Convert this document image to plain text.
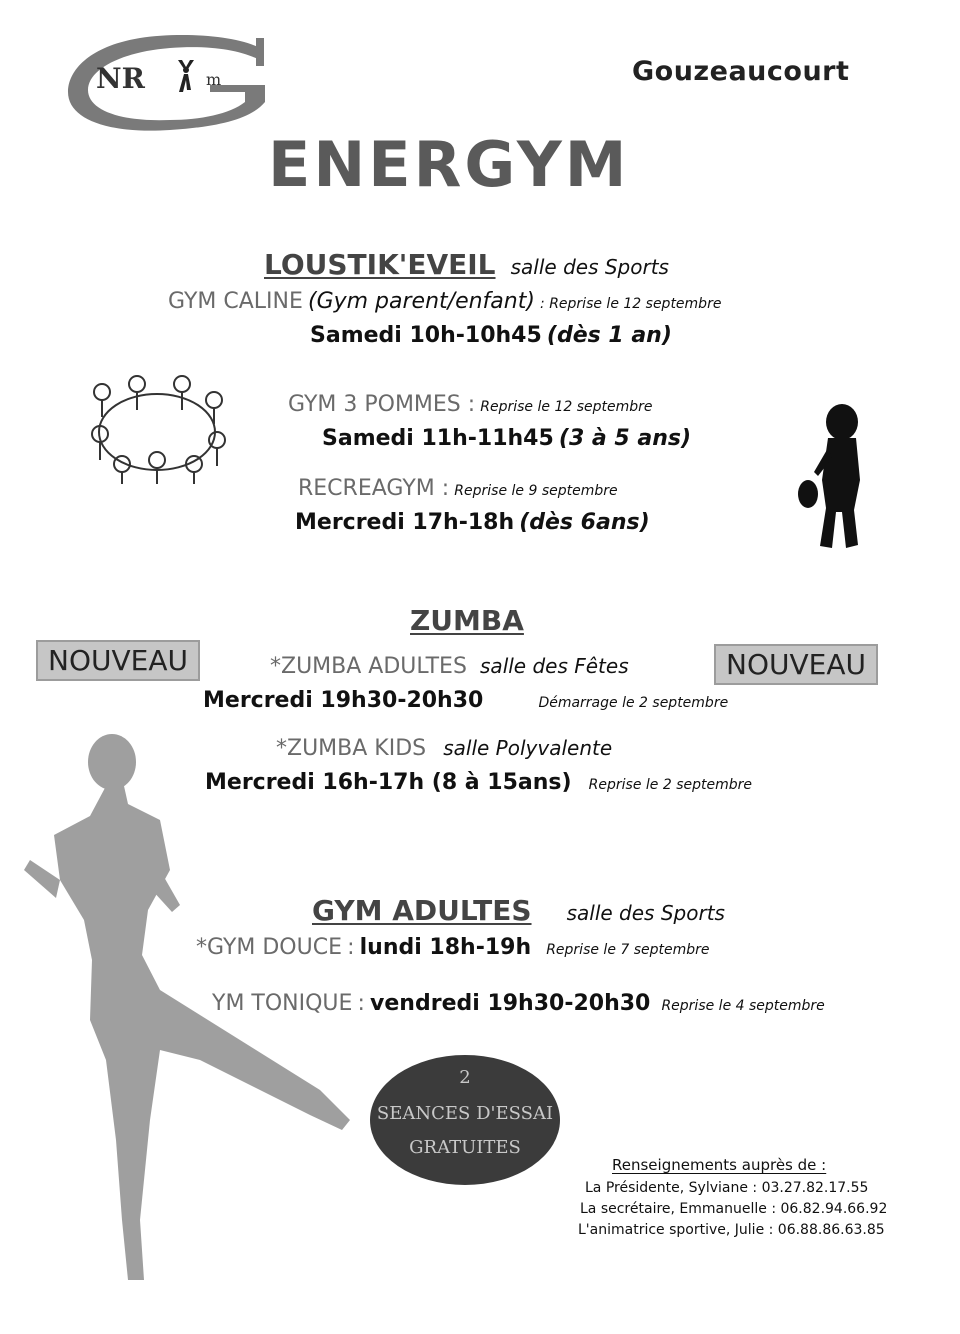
NR	m	Gouzeaucourt
ENERGYM
LOUSTIK'EVEIL salle des Sports
GYM CALINE (Gym parent/enfant) : Reprise le 12 septembre
Samedi 10h-10h45 (dès 1 an)
GYM 3 POMMES : Reprise le 12 septembre
Samedi 11h-11h45 (3 à 5 ans)
RECREAGYM : Reprise le 9 septembre
Mercredi 17h-18h (dès 6ans)
ZUMBA
NOUVEAU	NOUVEAU
*ZUMBA ADULTES salle des Fêtes
Mercredi 19h30-20h30	Démarrage le 2 septembre
*ZUMBA KIDS salle Polyvalente
Mercredi 16h-17h (8 à 15ans) Reprise le 2 septembre
GYM ADULTES salle des Sports
*GYM DOUCE : lundi 18h-19h Reprise le 7 septembre
YM TONIQUE : vendredi 19h30-20h30 Reprise le 4 septembre
2
SEANCES D'ESSAI
GRATUITES
Renseignements auprès de :
La Présidente, Sylviane : 03.27.82.17.55
La secrétaire, Emmanuelle : 06.82.94.66.92
L'animatrice sportive, Julie : 06.88.86.63.85
